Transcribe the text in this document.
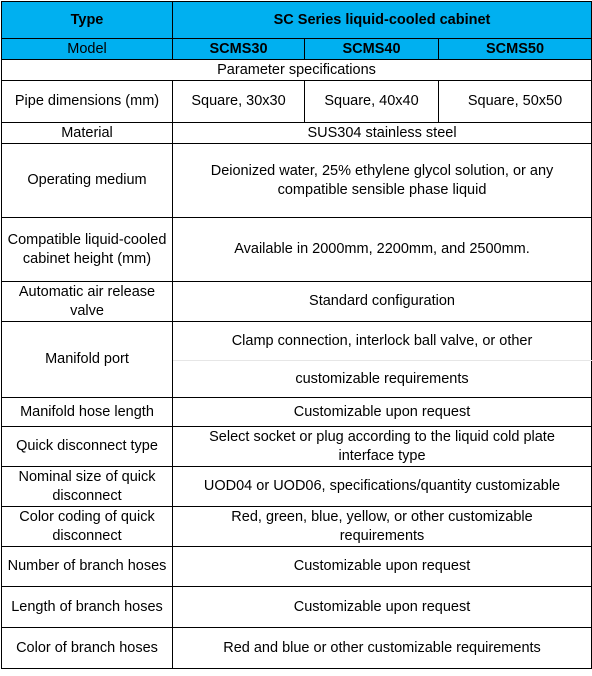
Type	SC Series liquid-cooled cabinet		
Model	SCMS30	SCMS40	SCMS50
Parameter specifications			
Pipe dimensions (mm)	Square, 30x30	Square, 40x40	Square, 50x50
Material	SUS304 stainless steel		
Operating medium	Deionized water, 25% ethylene glycol solution, or any compatible sensible phase liquid		
Compatible liquid-cooled cabinet height (mm)	Available in 2000mm, 2200mm, and 2500mm.		
Automatic air release valve	Standard configuration		
Manifold port	Clamp connection, interlock ball valve, or other		
	customizable requirements		
Manifold hose length	Customizable upon request		
Quick disconnect type	Select socket or plug according to the liquid cold plate interface type		
Nominal size of quick disconnect	UOD04 or UOD06, specifications/quantity customizable		
Color coding of quick disconnect	Red, green, blue, yellow, or other customizable requirements		
Number of branch hoses	Customizable upon request		
Length of branch hoses	Customizable upon request		
Color of branch hoses	Red and blue or other customizable requirements		
